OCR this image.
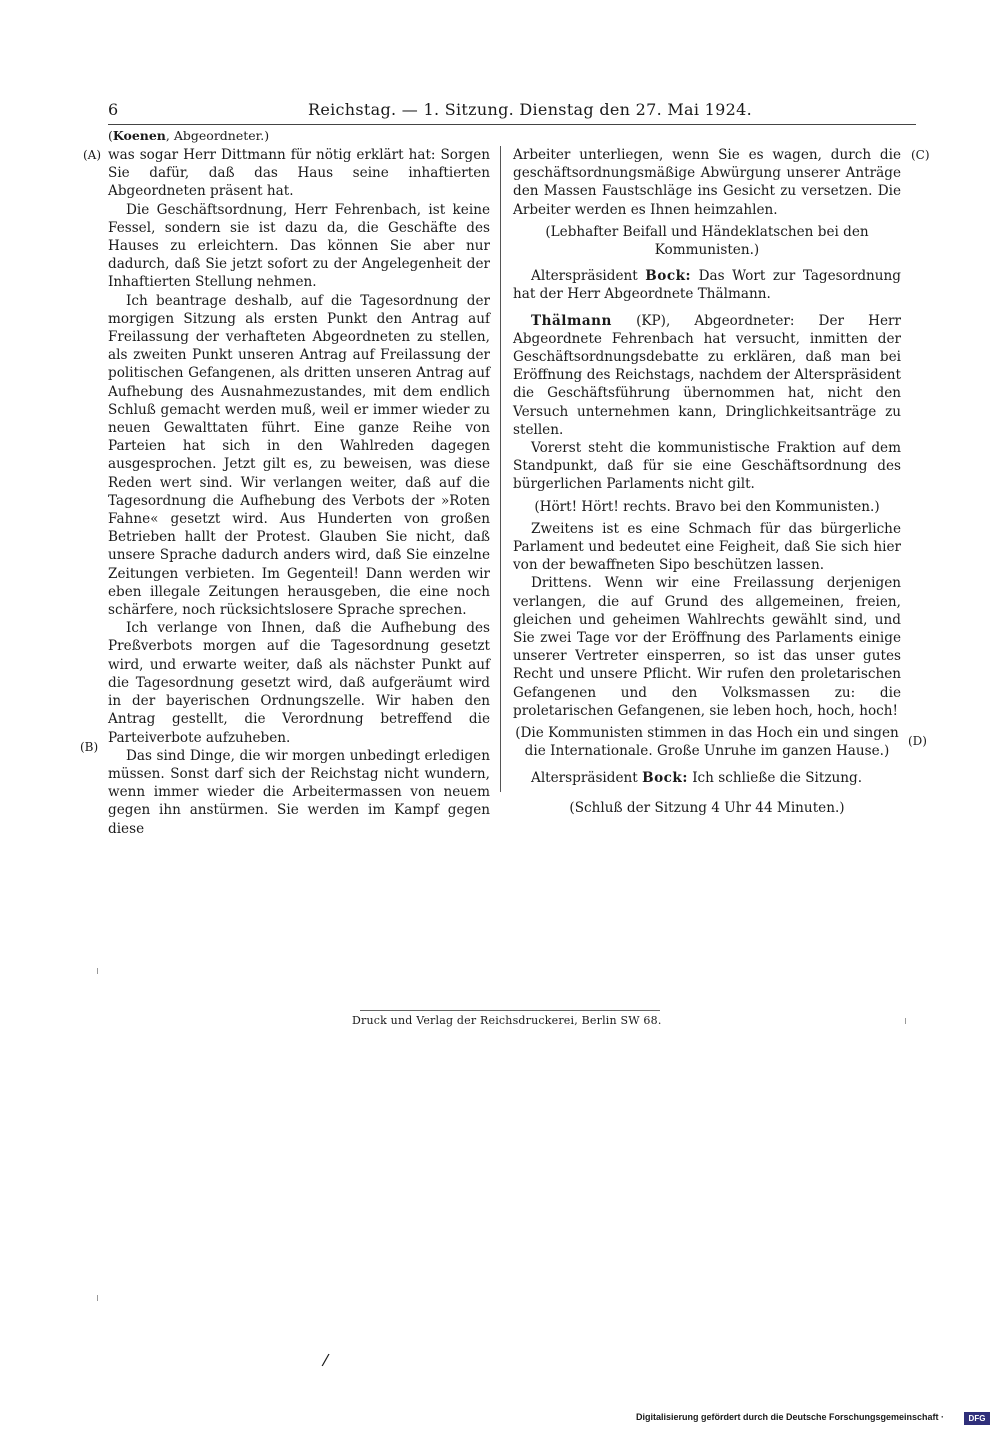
6	Reichstag. — 1. Sitzung. Dienstag den 27. Mai 1924.
(Koenen, Abgeordneter.)
(A)
(B)
(C)
(D)

was sogar Herr Dittmann für nötig erklärt hat: Sorgen Sie dafür, daß das Haus seine inhaftierten Abgeordneten präsent hat.

Die Geschäftsordnung, Herr Fehrenbach, ist keine Fessel, sondern sie ist dazu da, die Geschäfte des Hauses zu erleichtern. Das können Sie aber nur dadurch, daß Sie jetzt sofort zu der Angelegenheit der Inhaftierten Stellung nehmen.

Ich beantrage deshalb, auf die Tagesordnung der morgigen Sitzung als ersten Punkt den Antrag auf Freilassung der verhafteten Abgeordneten zu stellen, als zweiten Punkt unseren Antrag auf Freilassung der politischen Gefangenen, als dritten unseren Antrag auf Aufhebung des Ausnahmezustandes, mit dem endlich Schluß gemacht werden muß, weil er immer wieder zu neuen Gewalttaten führt. Eine ganze Reihe von Parteien hat sich in den Wahlreden dagegen ausgesprochen. Jetzt gilt es, zu beweisen, was diese Reden wert sind. Wir verlangen weiter, daß auf die Tagesordnung die Aufhebung des Verbots der »Roten Fahne« gesetzt wird. Aus Hunderten von großen Betrieben hallt der Protest. Glauben Sie nicht, daß unsere Sprache dadurch anders wird, daß Sie einzelne Zeitungen verbieten. Im Gegenteil! Dann werden wir eben illegale Zeitungen herausgeben, die eine noch schärfere, noch rücksichtslosere Sprache sprechen.

Ich verlange von Ihnen, daß die Aufhebung des Preßverbots morgen auf die Tagesordnung gesetzt wird, und erwarte weiter, daß als nächster Punkt auf die Tagesordnung gesetzt wird, daß aufgeräumt wird in der bayerischen Ordnungszelle. Wir haben den Antrag gestellt, die Verordnung betreffend die Parteiverbote aufzuheben.

Das sind Dinge, die wir morgen unbedingt erledigen müssen. Sonst darf sich der Reichstag nicht wundern, wenn immer wieder die Arbeitermassen von neuem gegen ihn anstürmen. Sie werden im Kampf gegen diese

Arbeiter unterliegen, wenn Sie es wagen, durch die geschäftsordnungsmäßige Abwürgung unserer Anträge den Massen Faustschläge ins Gesicht zu versetzen. Die Arbeiter werden es Ihnen heimzahlen.

(Lebhafter Beifall und Händeklatschen bei den Kommunisten.)

Alterspräsident Bock: Das Wort zur Tagesordnung hat der Herr Abgeordnete Thälmann.

Thälmann (KP), Abgeordneter: Der Herr Abgeordnete Fehrenbach hat versucht, inmitten der Geschäftsordnungsdebatte zu erklären, daß man bei Eröffnung des Reichstags, nachdem der Alterspräsident die Geschäftsführung übernommen hat, nicht den Versuch unternehmen kann, Dringlichkeitsanträge zu stellen.

Vorerst steht die kommunistische Fraktion auf dem Standpunkt, daß für sie eine Geschäftsordnung des bürgerlichen Parlaments nicht gilt.

(Hört! Hört! rechts. Bravo bei den Kommunisten.)

Zweitens ist es eine Schmach für das bürgerliche Parlament und bedeutet eine Feigheit, daß Sie sich hier von der bewaffneten Sipo beschützen lassen.

Drittens. Wenn wir eine Freilassung derjenigen verlangen, die auf Grund des allgemeinen, freien, gleichen und geheimen Wahlrechts gewählt sind, und Sie zwei Tage vor der Eröffnung des Parlaments einige unserer Vertreter einsperren, so ist das unser gutes Recht und unsere Pflicht. Wir rufen den proletarischen Gefangenen und den Volksmassen zu: die proletarischen Gefangenen, sie leben hoch, hoch, hoch!

(Die Kommunisten stimmen in das Hoch ein und singen die Internationale. Große Unruhe im ganzen Hause.)

Alterspräsident Bock: Ich schließe die Sitzung.

(Schluß der Sitzung 4 Uhr 44 Minuten.)

Druck und Verlag der Reichsdruckerei, Berlin SW 68.
/
Digitalisierung gefördert durch die Deutsche Forschungsgemeinschaft ·	DFG
